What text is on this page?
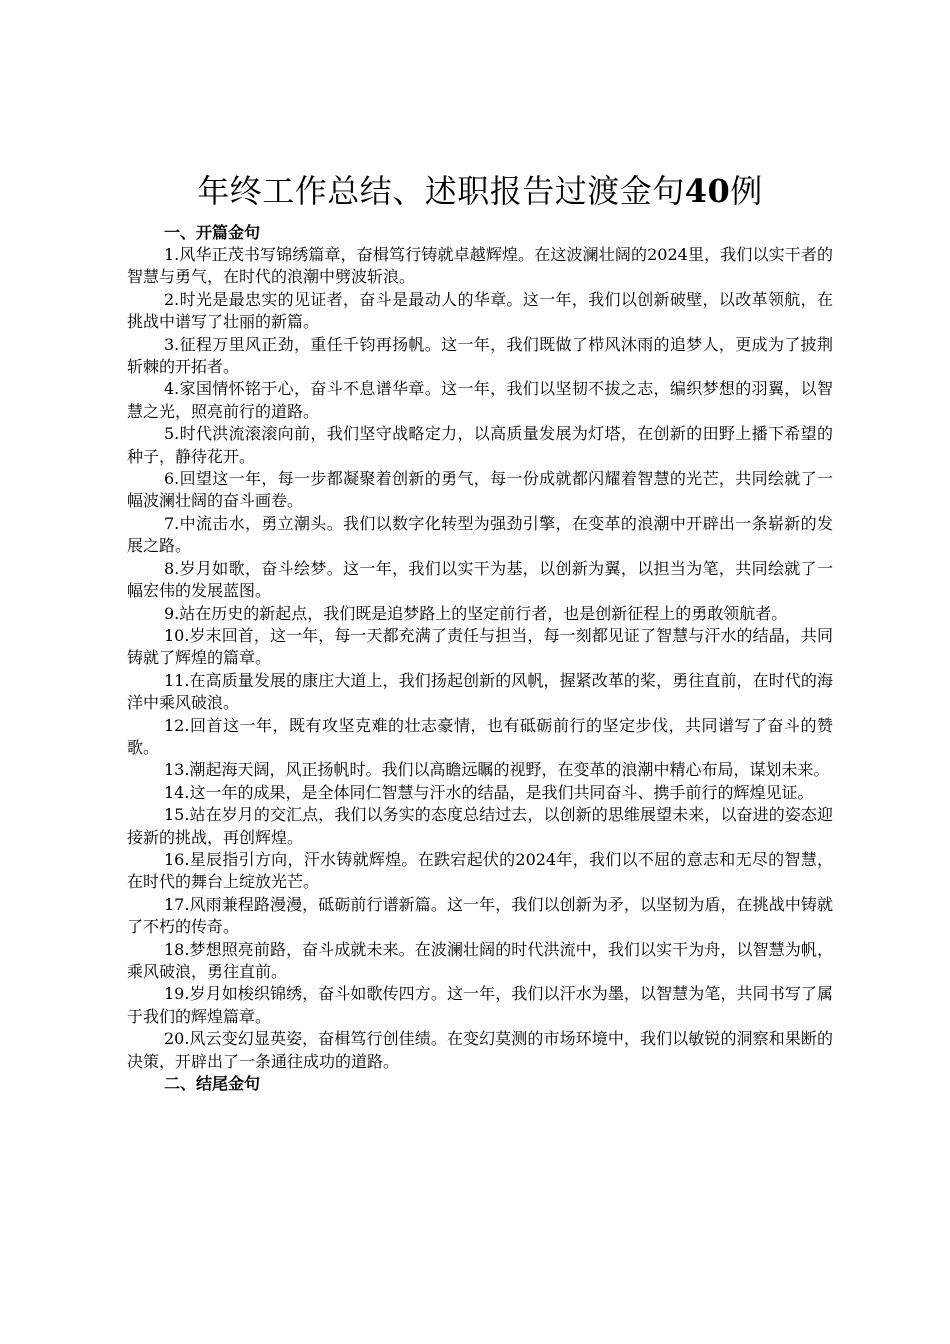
年终工作总结、述职报告过渡金句40例

一、开篇金句

1.风华正茂书写锦绣篇章，奋楫笃行铸就卓越辉煌。在这波澜壮阔的2024里，我们以实干者的智慧与勇气，在时代的浪潮中劈波斩浪。

2.时光是最忠实的见证者，奋斗是最动人的华章。这一年，我们以创新破壁，以改革领航，在挑战中谱写了壮丽的新篇。

3.征程万里风正劲，重任千钧再扬帆。这一年，我们既做了栉风沐雨的追梦人，更成为了披荆斩棘的开拓者。

4.家国情怀铭于心，奋斗不息谱华章。这一年，我们以坚韧不拔之志，编织梦想的羽翼，以智慧之光，照亮前行的道路。

5.时代洪流滚滚向前，我们坚守战略定力，以高质量发展为灯塔，在创新的田野上播下希望的种子，静待花开。

6.回望这一年，每一步都凝聚着创新的勇气，每一份成就都闪耀着智慧的光芒，共同绘就了一幅波澜壮阔的奋斗画卷。

7.中流击水，勇立潮头。我们以数字化转型为强劲引擎，在变革的浪潮中开辟出一条崭新的发展之路。

8.岁月如歌，奋斗绘梦。这一年，我们以实干为基，以创新为翼，以担当为笔，共同绘就了一幅宏伟的发展蓝图。

9.站在历史的新起点，我们既是追梦路上的坚定前行者，也是创新征程上的勇敢领航者。

10.岁末回首，这一年，每一天都充满了责任与担当，每一刻都见证了智慧与汗水的结晶，共同铸就了辉煌的篇章。

11.在高质量发展的康庄大道上，我们扬起创新的风帆，握紧改革的桨，勇往直前，在时代的海洋中乘风破浪。

12.回首这一年，既有攻坚克难的壮志豪情，也有砥砺前行的坚定步伐，共同谱写了奋斗的赞歌。

13.潮起海天阔，风正扬帆时。我们以高瞻远瞩的视野，在变革的浪潮中精心布局，谋划未来。

14.这一年的成果，是全体同仁智慧与汗水的结晶，是我们共同奋斗、携手前行的辉煌见证。

15.站在岁月的交汇点，我们以务实的态度总结过去，以创新的思维展望未来，以奋进的姿态迎接新的挑战，再创辉煌。

16.星辰指引方向，汗水铸就辉煌。在跌宕起伏的2024年，我们以不屈的意志和无尽的智慧，在时代的舞台上绽放光芒。

17.风雨兼程路漫漫，砥砺前行谱新篇。这一年，我们以创新为矛，以坚韧为盾，在挑战中铸就了不朽的传奇。

18.梦想照亮前路，奋斗成就未来。在波澜壮阔的时代洪流中，我们以实干为舟，以智慧为帆，乘风破浪，勇往直前。

19.岁月如梭织锦绣，奋斗如歌传四方。这一年，我们以汗水为墨，以智慧为笔，共同书写了属于我们的辉煌篇章。

20.风云变幻显英姿，奋楫笃行创佳绩。在变幻莫测的市场环境中，我们以敏锐的洞察和果断的决策，开辟出了一条通往成功的道路。

二、结尾金句
